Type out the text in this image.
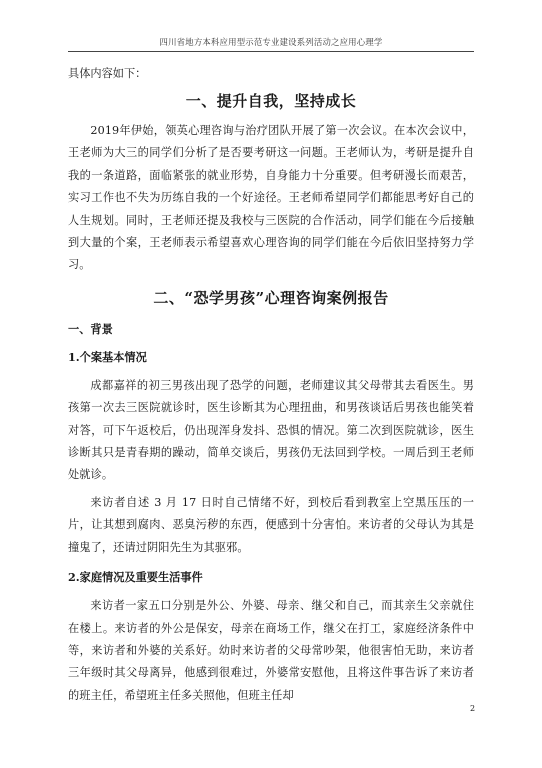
四川省地方本科应用型示范专业建设系列活动之应用心理学

具体内容如下：

一、提升自我，坚持成长

2019年伊始，领英心理咨询与治疗团队开展了第一次会议。在本次会议中，王老师为大三的同学们分析了是否要考研这一问题。王老师认为，考研是提升自我的一条道路，面临紧张的就业形势，自身能力十分重要。但考研漫长而艰苦，实习工作也不失为历练自我的一个好途径。王老师希望同学们都能思考好自己的人生规划。同时，王老师还提及我校与三医院的合作活动，同学们能在今后接触到大量的个案，王老师表示希望喜欢心理咨询的同学们能在今后依旧坚持努力学习。

二、“恐学男孩”心理咨询案例报告
一、背景
1.个案基本情况

成都嘉祥的初三男孩出现了恐学的问题，老师建议其父母带其去看医生。男孩第一次去三医院就诊时，医生诊断其为心理扭曲，和男孩谈话后男孩也能笑着对答，可下午返校后，仍出现浑身发抖、恐惧的情况。第二次到医院就诊，医生诊断其只是青春期的躁动，简单交谈后，男孩仍无法回到学校。一周后到王老师处就诊。

来访者自述 3 月 17 日时自己情绪不好，到校后看到教室上空黑压压的一片，让其想到腐肉、恶臭污秽的东西，便感到十分害怕。来访者的父母认为其是撞鬼了，还请过阴阳先生为其驱邪。

2.家庭情况及重要生活事件

来访者一家五口分别是外公、外婆、母亲、继父和自己，而其亲生父亲就住在楼上。来访者的外公是保安，母亲在商场工作，继父在打工，家庭经济条件中等，来访者和外婆的关系好。幼时来访者的父母常吵架，他很害怕无助，来访者三年级时其父母离异，他感到很难过，外婆常安慰他，且将这件事告诉了来访者的班主任，希望班主任多关照他，但班主任却

2
